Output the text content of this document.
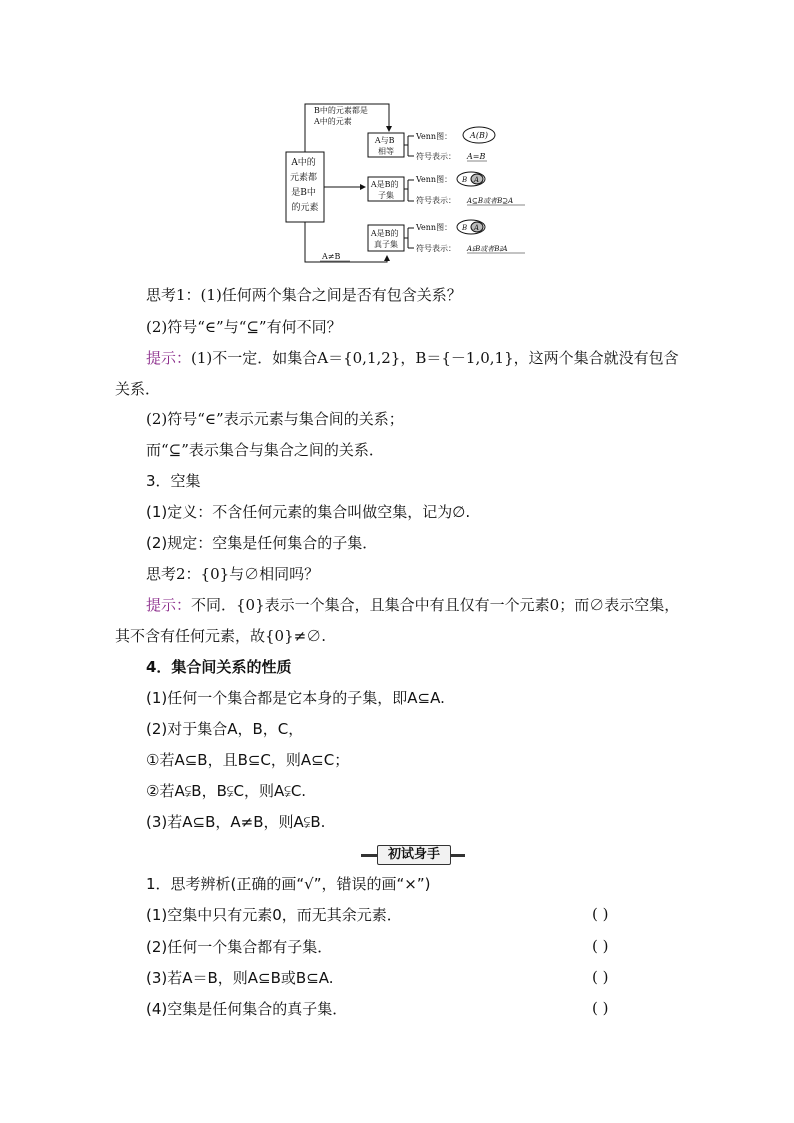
A中的 元素都 是B中 的元素
B中的元素都是 A中的元素
A≠B
A与B 相等
A是B的 子集
A是B的 真子集
Venn图： A(B)
符号表示： A=B
Venn图： B A
符号表示： A⊆B或者B⊇A
Venn图： B A
符号表示： A⫋B或者B⫌A
思考1：(1)任何两个集合之间是否有包含关系？
(2)符号“∈”与“⊆”有何不同？
提示：(1)不一定．如集合A＝{0,1,2}，B＝{－1,0,1}，这两个集合就没有包含
关系．
(2)符号“∈”表示元素与集合间的关系；
而“⊆”表示集合与集合之间的关系．
3．空集
(1)定义：不含任何元素的集合叫做空集，记为∅.
(2)规定：空集是任何集合的子集．
思考2：{0}与∅相同吗？
提示：不同．{0}表示一个集合，且集合中有且仅有一个元素0；而∅表示空集，
其不含有任何元素，故{0}≠∅.
4．集合间关系的性质
(1)任何一个集合都是它本身的子集，即A⊆A.
(2)对于集合A，B，C，
①若A⊆B，且B⊆C，则A⊆C；
②若A⫋B，B⫋C，则A⫋C.
(3)若A⊆B，A≠B，则A⫋B.
初试身手
1．思考辨析(正确的画“√”，错误的画“×”)
(1)空集中只有元素0，而无其余元素．	( )
(2)任何一个集合都有子集．	( )
(3)若A＝B，则A⊆B或B⊆A.	( )
(4)空集是任何集合的真子集．	( )
